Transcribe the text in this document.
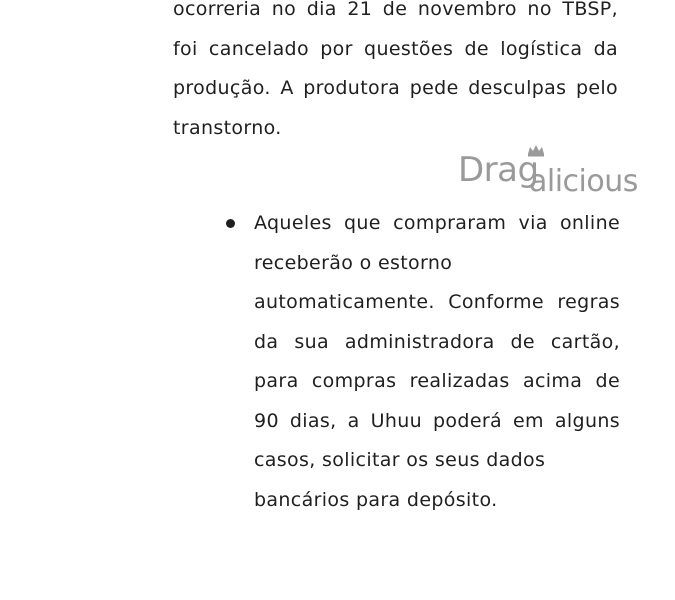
ocorreria no dia 21 de novembro no TBSP,
foi cancelado por questões de logística da
produção. A produtora pede desculpas pelo
transtorno.

Drag
alicious
Aqueles que compraram via online
receberão o estorno
automaticamente. Conforme regras
da sua administradora de cartão,
para compras realizadas acima de
90 dias, a Uhuu poderá em alguns
casos, solicitar os seus dados
bancários para depósito.
